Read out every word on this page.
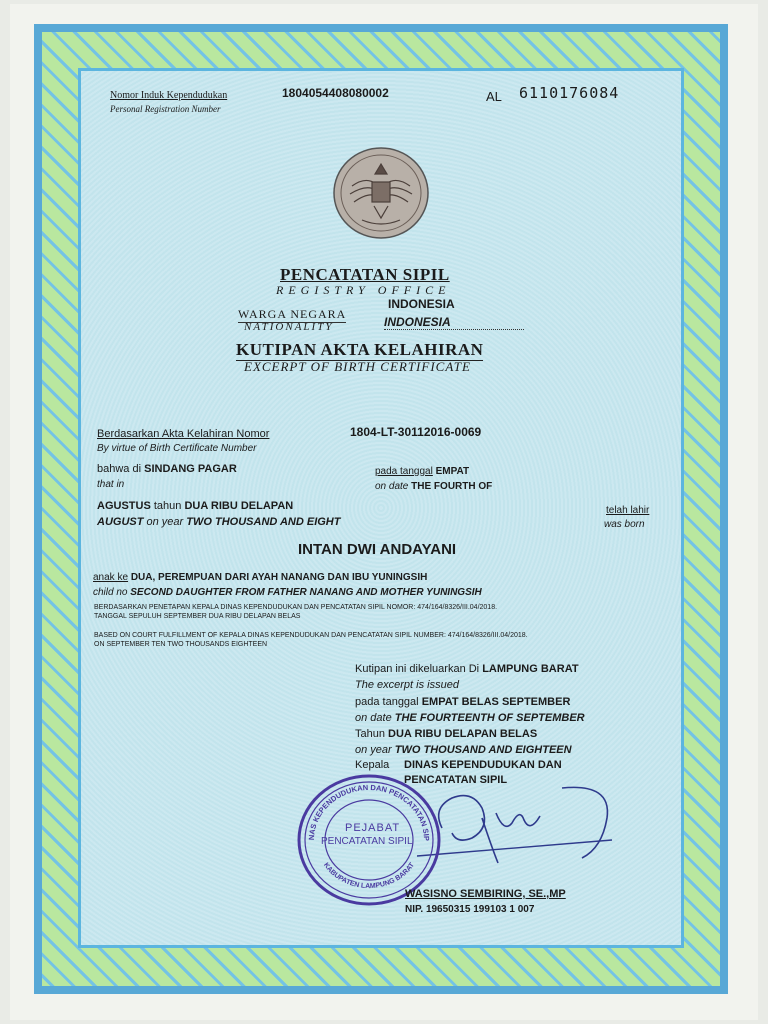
Nomor Induk Kependudukan
Personal Registration Number
1804054408080002	AL 6110176084
PENCATATAN SIPIL
REGISTRY OFFICE
INDONESIA
WARGA NEGARA
NATIONALITY	INDONESIA
KUTIPAN AKTA KELAHIRAN
EXCERPT OF BIRTH CERTIFICATE
Berdasarkan Akta Kelahiran Nomor	1804-LT-30112016-0069
By virtue of Birth Certificate Number
bahwa di SINDANG PAGAR
that in
pada tanggal EMPAT
on date THE FOURTH OF
AGUSTUS tahun DUA RIBU DELAPAN
AUGUST on year TWO THOUSAND AND EIGHT
telah lahir
was born
INTAN DWI ANDAYANI
anak ke DUA, PEREMPUAN DARI AYAH NANANG DAN IBU YUNINGSIH
child no SECOND DAUGHTER FROM FATHER NANANG AND MOTHER YUNINGSIH
BERDASARKAN PENETAPAN KEPALA DINAS KEPENDUDUKAN DAN PENCATATAN SIPIL NOMOR: 474/164/8326/III.04/2018.
TANGGAL SEPULUH SEPTEMBER DUA RIBU DELAPAN BELAS
BASED ON COURT FULFILLMENT OF KEPALA DINAS KEPENDUDUKAN DAN PENCATATAN SIPIL NUMBER: 474/164/8326/III.04/2018.
ON SEPTEMBER TEN TWO THOUSANDS EIGHTEEN
Kutipan ini dikeluarkan Di LAMPUNG BARAT
The excerpt is issued
pada tanggal EMPAT BELAS SEPTEMBER
on date THE FOURTEENTH OF SEPTEMBER
Tahun DUA RIBU DELAPAN BELAS
on year TWO THOUSAND AND EIGHTEEN
Kepala DINAS KEPENDUDUKAN DAN
PENCATATAN SIPIL
NAS KEPENDUDUKAN DAN PENCATATAN SIP
KABUPATEN LAMPUNG BARAT
PEJABAT
PENCATATAN SIPIL
WASISNO SEMBIRING, SE.,MP
NIP. 19650315 199103 1 007
